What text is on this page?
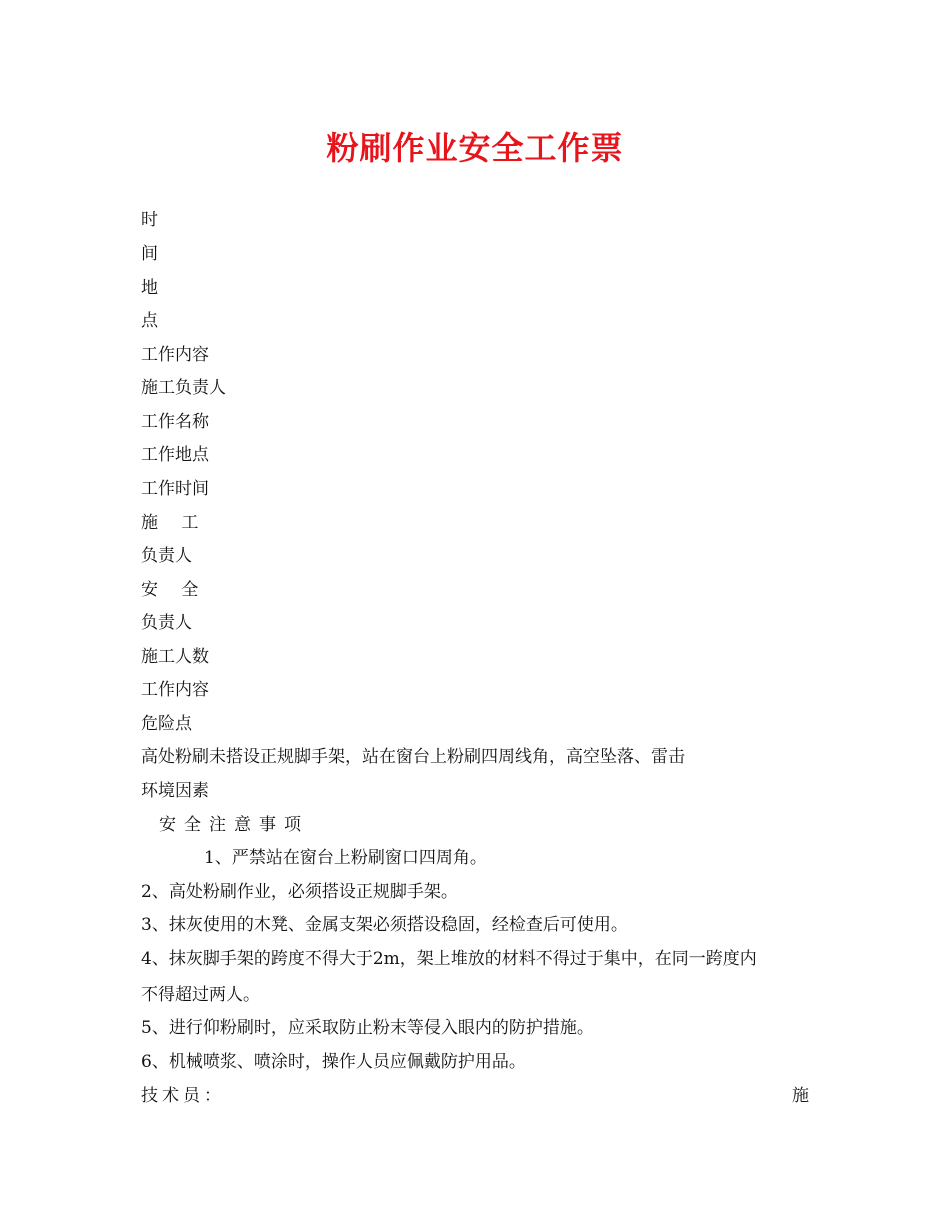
粉刷作业安全工作票
时
间
地
点
工作内容
施工负责人
工作名称
工作地点
工作时间
施 工
负责人
安 全
负责人
施工人数
工作内容
危险点
高处粉刷未搭设正规脚手架，站在窗台上粉刷四周线角，高空坠落、雷击
环境因素
安全注意事项
1、严禁站在窗台上粉刷窗口四周角。
2、高处粉刷作业，必须搭设正规脚手架。
3、抹灰使用的木凳、金属支架必须搭设稳固，经检查后可使用。
4、抹灰脚手架的跨度不得大于2m，架上堆放的材料不得过于集中，在同一跨度内
不得超过两人。
5、进行仰粉刷时，应采取防止粉末等侵入眼内的防护措施。
6、机械喷浆、喷涂时，操作人员应佩戴防护用品。
技术员：	施
